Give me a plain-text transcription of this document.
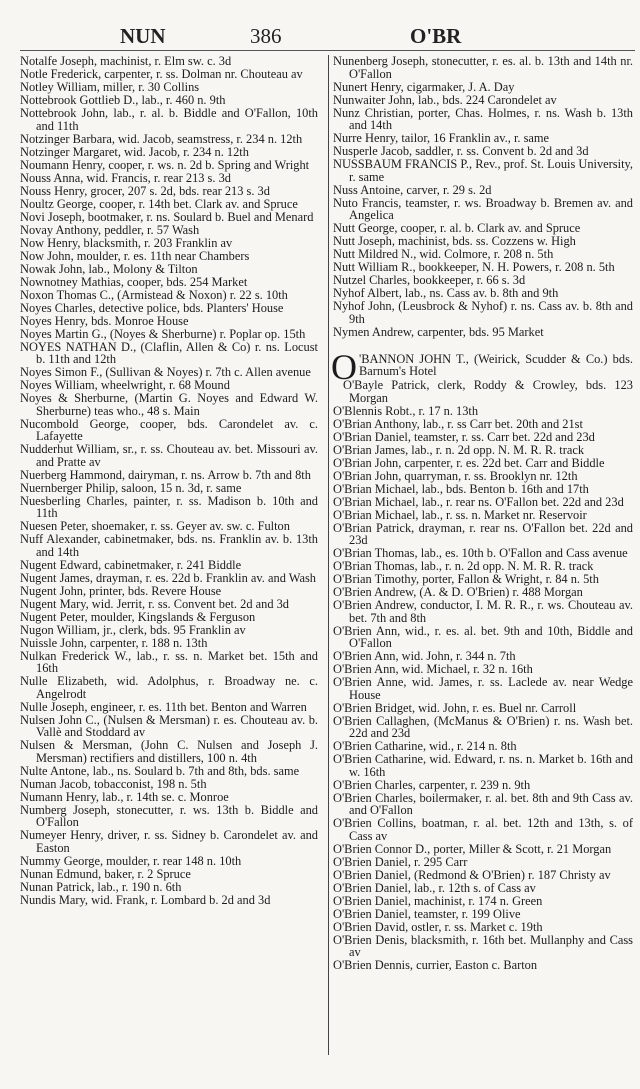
NUN	386	O'BR
Notalfe Joseph, machinist, r. Elm sw. c. 3d
Notle Frederick, carpenter, r. ss. Dolman nr. Chouteau av
Notley William, miller, r. 30 Collins
Nottebrook Gottlieb D., lab., r. 460 n. 9th
Nottebrook John, lab., r. al. b. Biddle and O'Fallon, 10th and 11th
Notzinger Barbara, wid. Jacob, seamstress, r. 234 n. 12th
Notzinger Margaret, wid. Jacob, r. 234 n. 12th
Noumann Henry, cooper, r. ws. n. 2d b. Spring and Wright
Nouss Anna, wid. Francis, r. rear 213 s. 3d
Nouss Henry, grocer, 207 s. 2d, bds. rear 213 s. 3d
Noultz George, cooper, r. 14th bet. Clark av. and Spruce
Novi Joseph, bootmaker, r. ns. Soulard b. Buel and Menard
Novay Anthony, peddler, r. 57 Wash
Now Henry, blacksmith, r. 203 Franklin av
Now John, moulder, r. es. 11th near Chambers
Nowak John, lab., Molony & Tilton
Nownotney Mathias, cooper, bds. 254 Market
Noxon Thomas C., (Armistead & Noxon) r. 22 s. 10th
Noyes Charles, detective police, bds. Planters' House
Noyes Henry, bds. Monroe House
Noyes Martin G., (Noyes & Sherburne) r. Poplar op. 15th
NOYES NATHAN D., (Claflin, Allen & Co) r. ns. Locust b. 11th and 12th
Noyes Simon F., (Sullivan & Noyes) r. 7th c. Allen avenue
Noyes William, wheelwright, r. 68 Mound
Noyes & Sherburne, (Martin G. Noyes and Edward W. Sherburne) teas who., 48 s. Main
Nucombold George, cooper, bds. Carondelet av. c. Lafayette
Nudderhut William, sr., r. ss. Chouteau av. bet. Missouri av. and Pratte av
Nuerberg Hammond, dairyman, r. ns. Arrow b. 7th and 8th
Nuernberger Philip, saloon, 15 n. 3d, r. same
Nuesberling Charles, painter, r. ss. Madison b. 10th and 11th
Nuesen Peter, shoemaker, r. ss. Geyer av. sw. c. Fulton
Nuff Alexander, cabinetmaker, bds. ns. Franklin av. b. 13th and 14th
Nugent Edward, cabinetmaker, r. 241 Biddle
Nugent James, drayman, r. es. 22d b. Franklin av. and Wash
Nugent John, printer, bds. Revere House
Nugent Mary, wid. Jerrit, r. ss. Convent bet. 2d and 3d
Nugent Peter, moulder, Kingslands & Ferguson
Nugon William, jr., clerk, bds. 95 Franklin av
Nuissle John, carpenter, r. 188 n. 13th
Nulkan Frederick W., lab., r. ss. n. Market bet. 15th and 16th
Nulle Elizabeth, wid. Adolphus, r. Broadway ne. c. Angelrodt
Nulle Joseph, engineer, r. es. 11th bet. Benton and Warren
Nulsen John C., (Nulsen & Mersman) r. es. Chouteau av. b. Vallè and Stoddard av
Nulsen & Mersman, (John C. Nulsen and Joseph J. Mersman) rectifiers and distillers, 100 n. 4th
Nulte Antone, lab., ns. Soulard b. 7th and 8th, bds. same
Numan Jacob, tobacconist, 198 n. 5th
Numann Henry, lab., r. 14th se. c. Monroe
Numberg Joseph, stonecutter, r. ws. 13th b. Biddle and O'Fallon
Numeyer Henry, driver, r. ss. Sidney b. Carondelet av. and Easton
Nummy George, moulder, r. rear 148 n. 10th
Nunan Edmund, baker, r. 2 Spruce
Nunan Patrick, lab., r. 190 n. 6th
Nundis Mary, wid. Frank, r. Lombard b. 2d and 3d
Nunenberg Joseph, stonecutter, r. es. al. b. 13th and 14th nr. O'Fallon
Nunert Henry, cigarmaker, J. A. Day
Nunwaiter John, lab., bds. 224 Carondelet av
Nunz Christian, porter, Chas. Holmes, r. ns. Wash b. 13th and 14th
Nurre Henry, tailor, 16 Franklin av., r. same
Nusperle Jacob, saddler, r. ss. Convent b. 2d and 3d
NUSSBAUM FRANCIS P., Rev., prof. St. Louis University, r. same
Nuss Antoine, carver, r. 29 s. 2d
Nuto Francis, teamster, r. ws. Broadway b. Bremen av. and Angelica
Nutt George, cooper, r. al. b. Clark av. and Spruce
Nutt Joseph, machinist, bds. ss. Cozzens w. High
Nutt Mildred N., wid. Colmore, r. 208 n. 5th
Nutt William R., bookkeeper, N. H. Powers, r. 208 n. 5th
Nutzel Charles, bookkeeper, r. 66 s. 3d
Nyhof Albert, lab., ns. Cass av. b. 8th and 9th
Nyhof John, (Leusbrock & Nyhof) r. ns. Cass av. b. 8th and 9th
Nymen Andrew, carpenter, bds. 95 Market
O 'BANNON JOHN T., (Weirick, Scudder & Co.) bds. Barnum's Hotel
O'Bayle Patrick, clerk, Roddy & Crowley, bds. 123 Morgan
O'Blennis Robt., r. 17 n. 13th
O'Brian Anthony, lab., r. ss Carr bet. 20th and 21st
O'Brian Daniel, teamster, r. ss. Carr bet. 22d and 23d
O'Brian James, lab., r. n. 2d opp. N. M. R. R. track
O'Brian John, carpenter, r. es. 22d bet. Carr and Biddle
O'Brian John, quarryman, r. ss. Brooklyn nr. 12th
O'Brian Michael, lab., bds. Benton b. 16th and 17th
O'Brian Michael, lab., r. rear ns. O'Fallon bet. 22d and 23d
O'Brian Michael, lab., r. ss. n. Market nr. Reservoir
O'Brian Patrick, drayman, r. rear ns. O'Fallon bet. 22d and 23d
O'Brian Thomas, lab., es. 10th b. O'Fallon and Cass avenue
O'Brian Thomas, lab., r. n. 2d opp. N. M. R. R. track
O'Brian Timothy, porter, Fallon & Wright, r. 84 n. 5th
O'Brien Andrew, (A. & D. O'Brien) r. 488 Morgan
O'Brien Andrew, conductor, I. M. R. R., r. ws. Chouteau av. bet. 7th and 8th
O'Brien Ann, wid., r. es. al. bet. 9th and 10th, Biddle and O'Fallon
O'Brien Ann, wid. John, r. 344 n. 7th
O'Brien Ann, wid. Michael, r. 32 n. 16th
O'Brien Anne, wid. James, r. ss. Laclede av. near Wedge House
O'Brien Bridget, wid. John, r. es. Buel nr. Carroll
O'Brien Callaghen, (McManus & O'Brien) r. ns. Wash bet. 22d and 23d
O'Brien Catharine, wid., r. 214 n. 8th
O'Brien Catharine, wid. Edward, r. ns. n. Market b. 16th and w. 16th
O'Brien Charles, carpenter, r. 239 n. 9th
O'Brien Charles, boilermaker, r. al. bet. 8th and 9th Cass av. and O'Fallon
O'Brien Collins, boatman, r. al. bet. 12th and 13th, s. of Cass av
O'Brien Connor D., porter, Miller & Scott, r. 21 Morgan
O'Brien Daniel, r. 295 Carr
O'Brien Daniel, (Redmond & O'Brien) r. 187 Christy av
O'Brien Daniel, lab., r. 12th s. of Cass av
O'Brien Daniel, machinist, r. 174 n. Green
O'Brien Daniel, teamster, r. 199 Olive
O'Brien David, ostler, r. ss. Market c. 19th
O'Brien Denis, blacksmith, r. 16th bet. Mullanphy and Cass av
O'Brien Dennis, currier, Easton c. Barton
